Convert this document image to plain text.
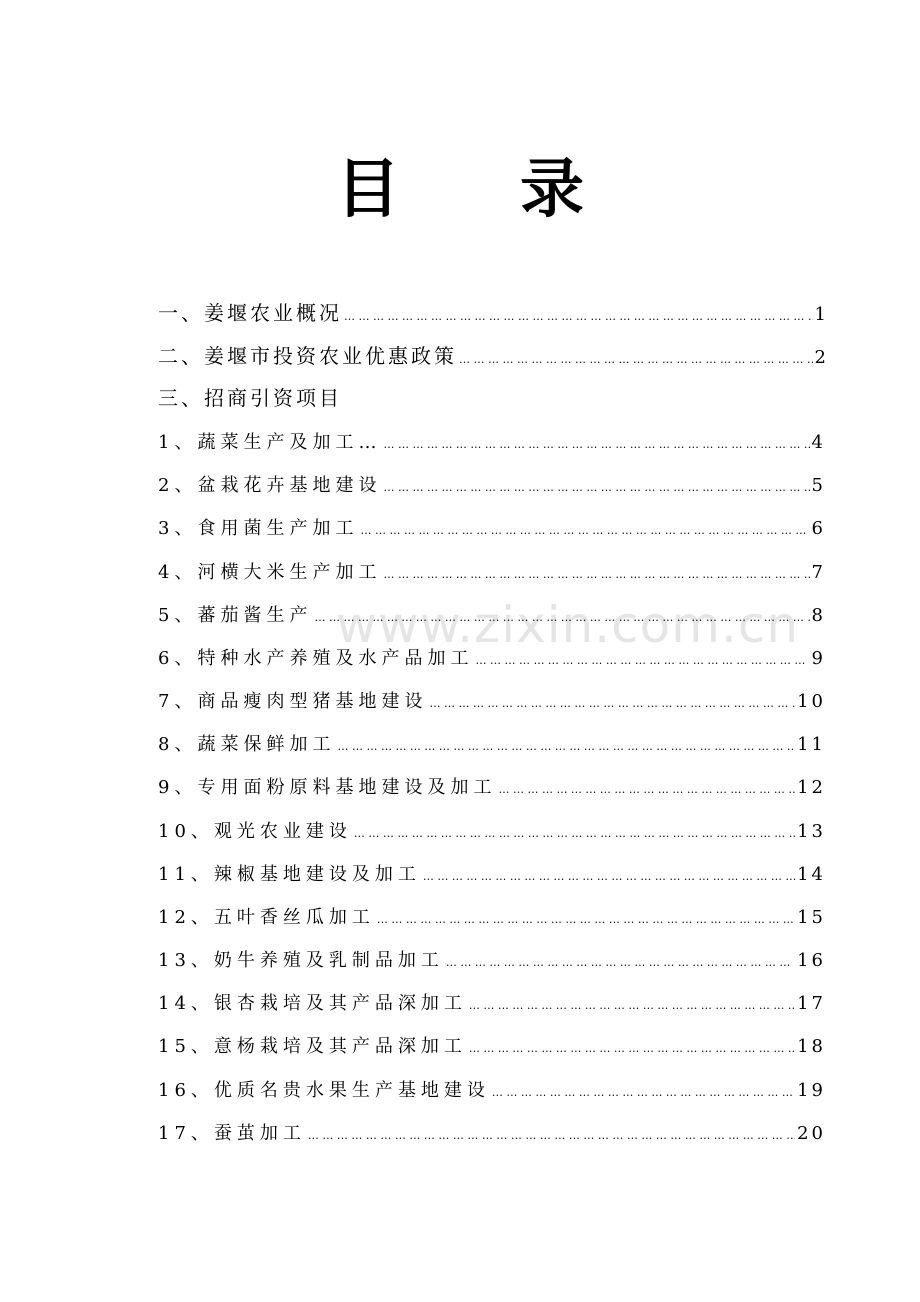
目 录
www.zixin.com.cn
一、姜堰农业概况 … … … … … … … … … … … … … … … … … … … … … … … … … … … … … … … … … … … … … … … … … … … … … … … … … … … … … … … … … … …	1
二、姜堰市投资农业优惠政策 … … … … … … … … … … … … … … … … … … … … … … … … … … … … … … … … … … … … … … … … … … … … … … … … … … … … … … … … … … …	2
三、招商引资项目
1、蔬菜生产及加工… … … … … … … … … … … … … … … … … … … … … … … … … … … … … … … … … … … … … … … … … … … … … … … … … … … … … … … … … … … …	4
2、盆栽花卉基地建设 … … … … … … … … … … … … … … … … … … … … … … … … … … … … … … … … … … … … … … … … … … … … … … … … … … … … … … … … … … …	5
3、食用菌生产加工 … … … … … … … … … … … … … … … … … … … … … … … … … … … … … … … … … … … … … … … … … … … … … … … … … … … … … … … … … … …	6
4、河横大米生产加工 … … … … … … … … … … … … … … … … … … … … … … … … … … … … … … … … … … … … … … … … … … … … … … … … … … … … … … … … … … …	7
5、蕃茄酱生产 … … … … … … … … … … … … … … … … … … … … … … … … … … … … … … … … … … … … … … … … … … … … … … … … … … … … … … … … … … …	8
6、特种水产养殖及水产品加工 … … … … … … … … … … … … … … … … … … … … … … … … … … … … … … … … … … … … … … … … … … … … … … … … … … … … … … … … … … …	9
7、商品瘦肉型猪基地建设 … … … … … … … … … … … … … … … … … … … … … … … … … … … … … … … … … … … … … … … … … … … … … … … … … … … … … … … … … … …	10
8、蔬菜保鲜加工 … … … … … … … … … … … … … … … … … … … … … … … … … … … … … … … … … … … … … … … … … … … … … … … … … … … … … … … … … … …	11
9、专用面粉原料基地建设及加工 … … … … … … … … … … … … … … … … … … … … … … … … … … … … … … … … … … … … … … … … … … … … … … … … … … … … … … … … … … …	12
10、观光农业建设 … … … … … … … … … … … … … … … … … … … … … … … … … … … … … … … … … … … … … … … … … … … … … … … … … … … … … … … … … … …	13
11、辣椒基地建设及加工 … … … … … … … … … … … … … … … … … … … … … … … … … … … … … … … … … … … … … … … … … … … … … … … … … … … … … … … … … … …	14
12、五叶香丝瓜加工 … … … … … … … … … … … … … … … … … … … … … … … … … … … … … … … … … … … … … … … … … … … … … … … … … … … … … … … … … … …	15
13、奶牛养殖及乳制品加工 … … … … … … … … … … … … … … … … … … … … … … … … … … … … … … … … … … … … … … … … … … … … … … … … … … … … … … … … … … …	16
14、银杏栽培及其产品深加工 … … … … … … … … … … … … … … … … … … … … … … … … … … … … … … … … … … … … … … … … … … … … … … … … … … … … … … … … … … …	17
15、意杨栽培及其产品深加工 … … … … … … … … … … … … … … … … … … … … … … … … … … … … … … … … … … … … … … … … … … … … … … … … … … … … … … … … … … …	18
16、优质名贵水果生产基地建设 … … … … … … … … … … … … … … … … … … … … … … … … … … … … … … … … … … … … … … … … … … … … … … … … … … … … … … … … … … …	19
17、蚕茧加工 … … … … … … … … … … … … … … … … … … … … … … … … … … … … … … … … … … … … … … … … … … … … … … … … … … … … … … … … … … …	20
